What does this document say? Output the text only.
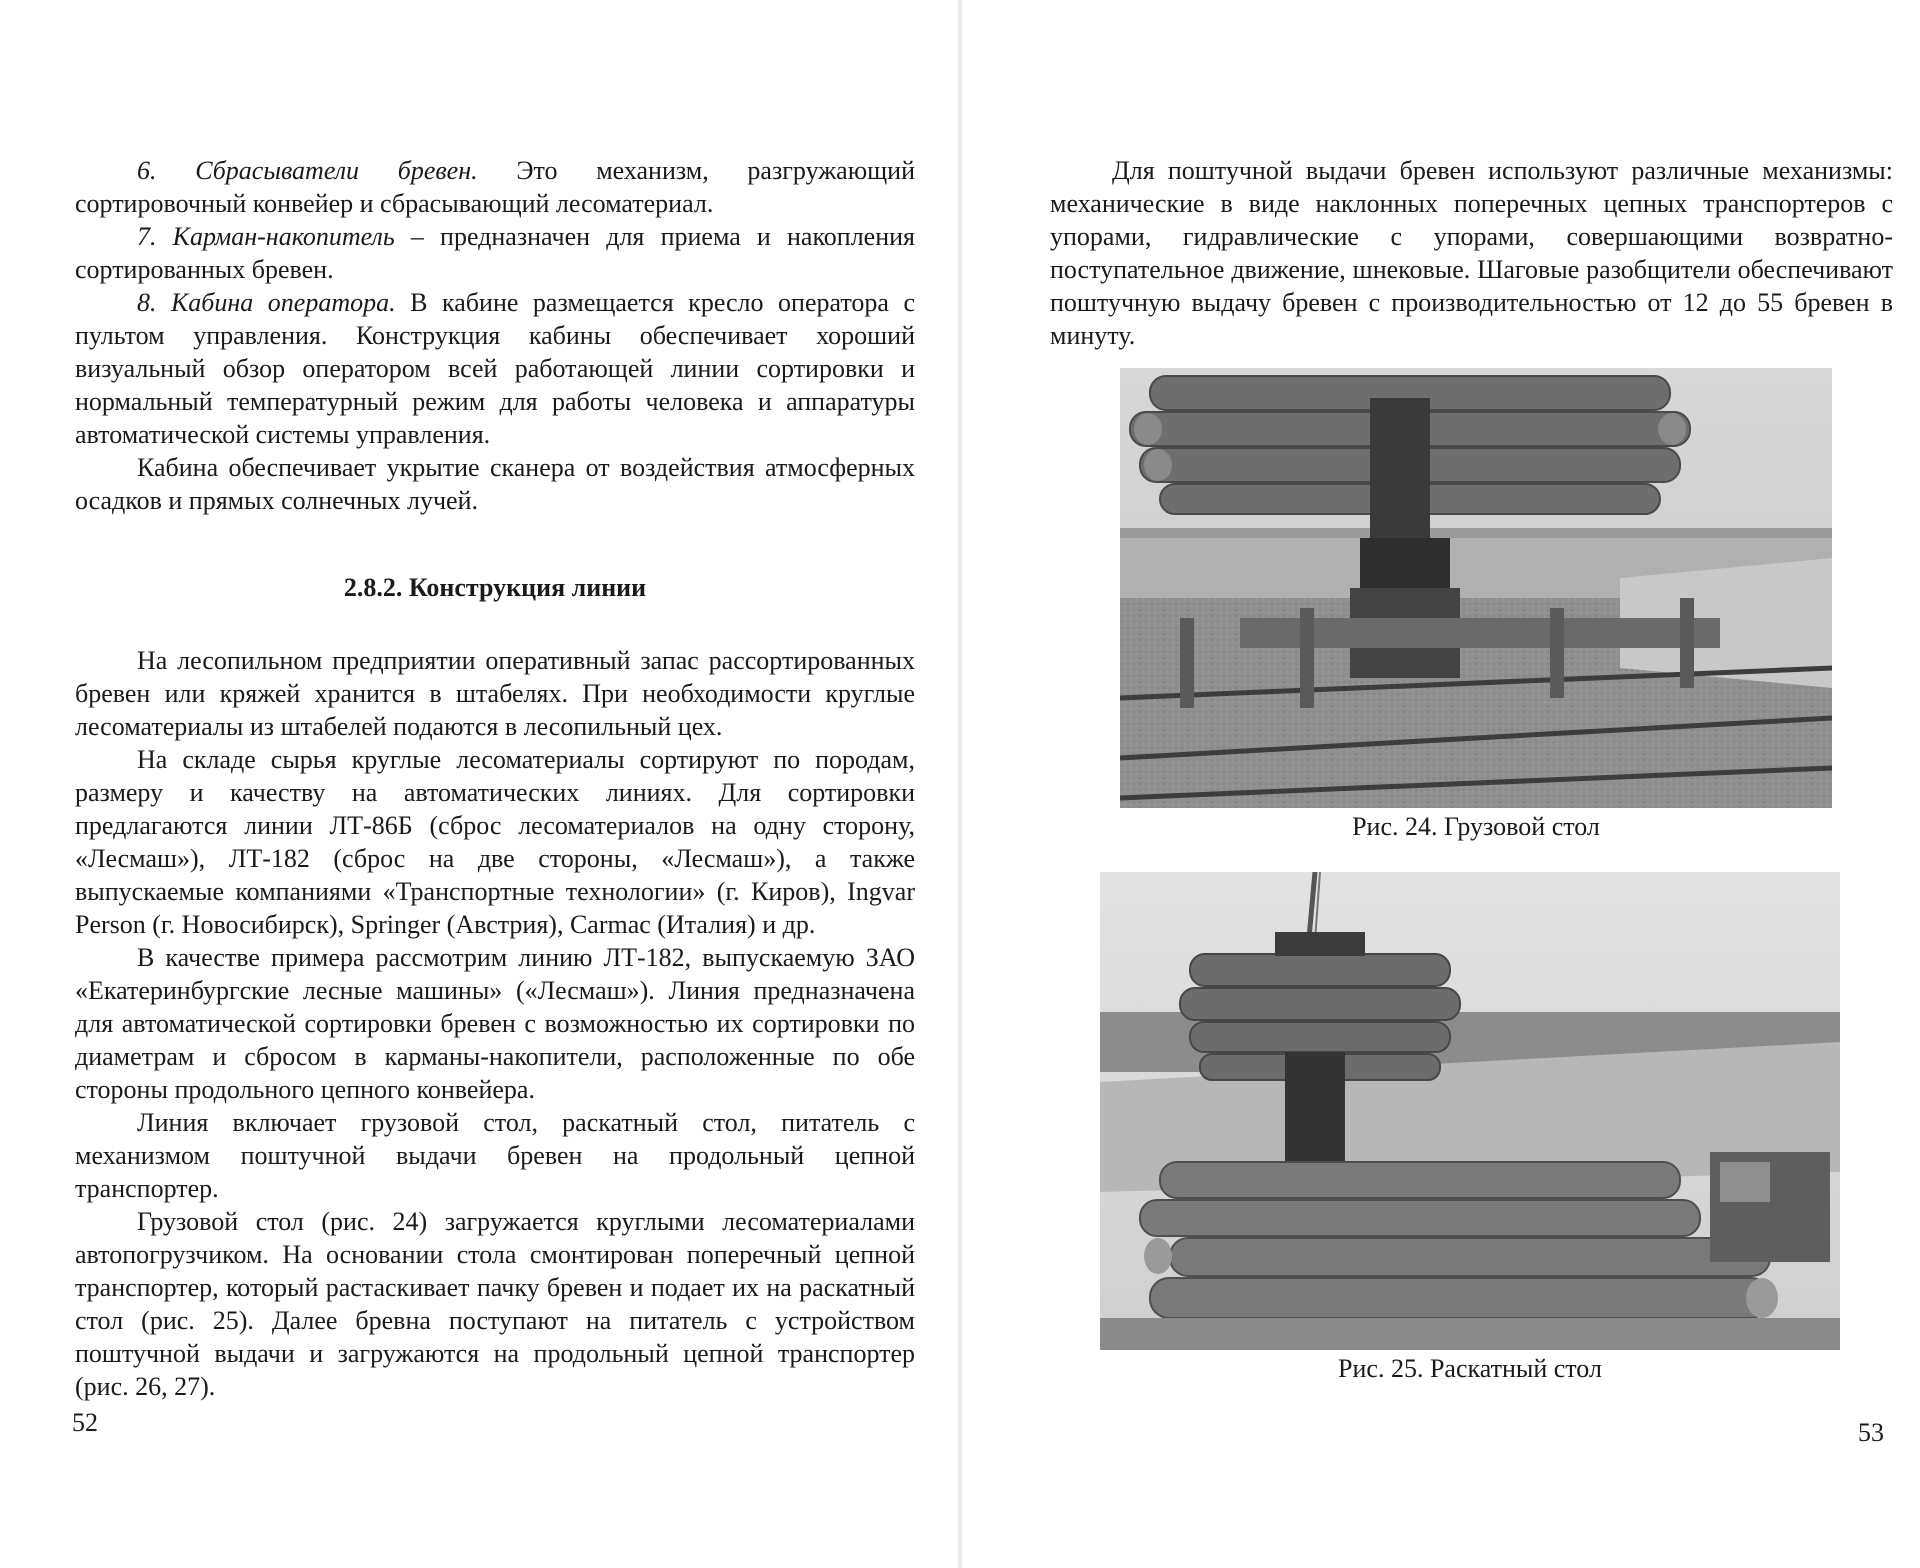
6. Сбрасыватели бревен. Это механизм, разгружающий сортировочный конвейер и сбрасывающий лесоматериал.

7. Карман-накопитель – предназначен для приема и накопления сортированных бревен.

8. Кабина оператора. В кабине размещается кресло оператора с пультом управления. Конструкция кабины обеспечивает хороший визуальный обзор оператором всей работающей линии сортировки и нормальный температурный режим для работы человека и аппаратуры автоматической системы управления.

Кабина обеспечивает укрытие сканера от воздействия атмосферных осадков и прямых солнечных лучей.

2.8.2. Конструкция линии

На лесопильном предприятии оперативный запас рассортированных бревен или кряжей хранится в штабелях. При необходимости круглые лесоматериалы из штабелей подаются в лесопильный цех.

На складе сырья круглые лесоматериалы сортируют по породам, размеру и качеству на автоматических линиях. Для сортировки предлагаются линии ЛТ-86Б (сброс лесоматериалов на одну сторону, «Лесмаш»), ЛТ-182 (сброс на две стороны, «Лесмаш»), а также выпускаемые компаниями «Транспортные технологии» (г. Киров), Ingvar Person (г. Новосибирск), Springer (Австрия), Carmac (Италия) и др.

В качестве примера рассмотрим линию ЛТ-182, выпускаемую ЗАО «Екатеринбургские лесные машины» («Лесмаш»). Линия предназначена для автоматической сортировки бревен с возможностью их сортировки по диаметрам и сбросом в карманы-накопители, расположенные по обе стороны продольного цепного конвейера.

Линия включает грузовой стол, раскатный стол, питатель с механизмом поштучной выдачи бревен на продольный цепной транспортер.

Грузовой стол (рис. 24) загружается круглыми лесоматериалами автопогрузчиком. На основании стола смонтирован поперечный цепной транспортер, который растаскивает пачку бревен и подает их на раскатный стол (рис. 25). Далее бревна поступают на питатель с устройством поштучной выдачи и загружаются на продольный цепной транспортер (рис. 26, 27).

52

Для поштучной выдачи бревен используют различные механизмы: механические в виде наклонных поперечных цепных транспортеров с упорами, гидравлические с упорами, совершающими возвратно-поступательное движение, шнековые. Шаговые разобщители обеспечивают поштучную выдачу бревен с производительностью от 12 до 55 бревен в минуту.

Рис. 24. Грузовой стол
Рис. 25. Раскатный стол
53
